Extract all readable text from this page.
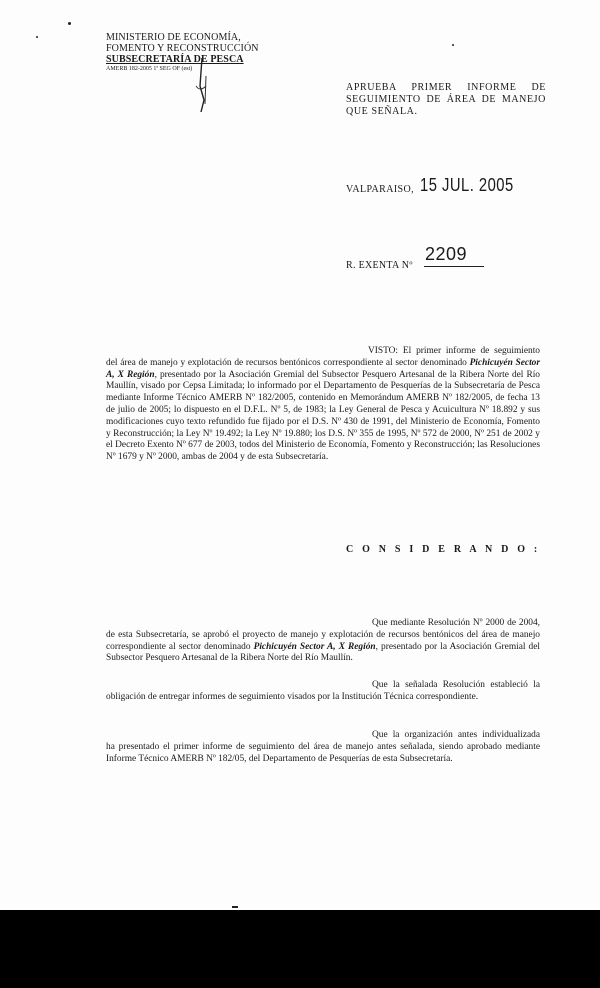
MINISTERIO DE ECONOMÍA,
FOMENTO Y RECONSTRUCCIÓN
SUBSECRETARÍA DE PESCA
AMERB 182-2005 1ª SEG OF (est)
APRUEBA PRIMER INFORME DE SEGUIMIENTO DE ÁREA DE MANEJO QUE SEÑALA.
VALPARAISO, 15 JUL. 2005
R. EXENTA Nº
2209
VISTO: El primer informe de seguimiento del área de manejo y explotación de recursos bentónicos correspondiente al sector denominado Pichicuyén Sector A, X Región, presentado por la Asociación Gremial del Subsector Pesquero Artesanal de la Ribera Norte del Río Maullín, visado por Cepsa Limitada; lo informado por el Departamento de Pesquerías de la Subsecretaría de Pesca mediante Informe Técnico AMERB Nº 182/2005, contenido en Memorándum AMERB Nº 182/2005, de fecha 13 de julio de 2005; lo dispuesto en el D.F.L. Nº 5, de 1983; la Ley General de Pesca y Acuicultura Nº 18.892 y sus modificaciones cuyo texto refundido fue fijado por el D.S. Nº 430 de 1991, del Ministerio de Economía, Fomento y Reconstrucción; la Ley Nº 19.492; la Ley Nº 19.880; los D.S. Nº 355 de 1995, Nº 572 de 2000, Nº 251 de 2002 y el Decreto Exento Nº 677 de 2003, todos del Ministerio de Economía, Fomento y Reconstrucción; las Resoluciones Nº 1679 y Nº 2000, ambas de 2004 y de esta Subsecretaría.
C O N S I D E R A N D O :
Que mediante Resolución Nº 2000 de 2004, de esta Subsecretaría, se aprobó el proyecto de manejo y explotación de recursos bentónicos del área de manejo correspondiente al sector denominado Pichicuyén Sector A, X Región, presentado por la Asociación Gremial del Subsector Pesquero Artesanal de la Ribera Norte del Río Maullín.
Que la señalada Resolución estableció la obligación de entregar informes de seguimiento visados por la Institución Técnica correspondiente.
Que la organización antes individualizada ha presentado el primer informe de seguimiento del área de manejo antes señalada, siendo aprobado mediante Informe Técnico AMERB Nº 182/05, del Departamento de Pesquerías de esta Subsecretaría.
